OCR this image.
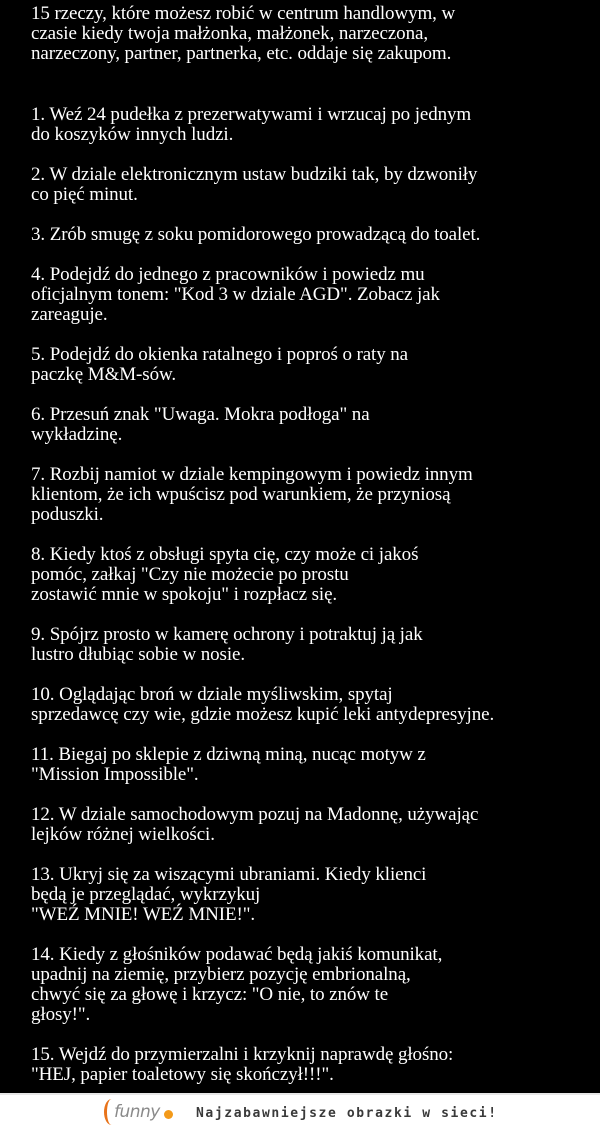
15 rzeczy, które możesz robić w centrum handlowym, w
czasie kiedy twoja małżonka, małżonek, narzeczona,
narzeczony, partner, partnerka, etc. oddaje się zakupom.

1. Weź 24 pudełka z prezerwatywami i wrzucaj po jednym
do koszyków innych ludzi.

2. W dziale elektronicznym ustaw budziki tak, by dzwoniły
co pięć minut.

3. Zrób smugę z soku pomidorowego prowadzącą do toalet.

4. Podejdź do jednego z pracowników i powiedz mu
oficjalnym tonem: "Kod 3 w dziale AGD". Zobacz jak
zareaguje.

5. Podejdź do okienka ratalnego i poproś o raty na
paczkę M&M-sów.

6. Przesuń znak "Uwaga. Mokra podłoga" na
wykładzinę.

7. Rozbij namiot w dziale kempingowym i powiedz innym
klientom, że ich wpuścisz pod warunkiem, że przyniosą
poduszki.

8. Kiedy ktoś z obsługi spyta cię, czy może ci jakoś
pomóc, załkaj "Czy nie możecie po prostu
zostawić mnie w spokoju" i rozpłacz się.

9. Spójrz prosto w kamerę ochrony i potraktuj ją jak
lustro dłubiąc sobie w nosie.

10. Oglądając broń w dziale myśliwskim, spytaj
sprzedawcę czy wie, gdzie możesz kupić leki antydepresyjne.

11. Biegaj po sklepie z dziwną miną, nucąc motyw z
"Mission Impossible".

12. W dziale samochodowym pozuj na Madonnę, używając
lejków różnej wielkości.

13. Ukryj się za wiszącymi ubraniami. Kiedy klienci
będą je przeglądać, wykrzykuj
"WEŹ MNIE! WEŹ MNIE!".

14. Kiedy z głośników podawać będą jakiś komunikat,
upadnij na ziemię, przybierz pozycję embrionalną,
chwyć się za głowę i krzycz: "O nie, to znów te
głosy!".

15. Wejdź do przymierzalni i krzyknij naprawdę głośno:
"HEJ, papier toaletowy się skończył!!!".

funny	Najzabawniejsze obrazki w sieci!
